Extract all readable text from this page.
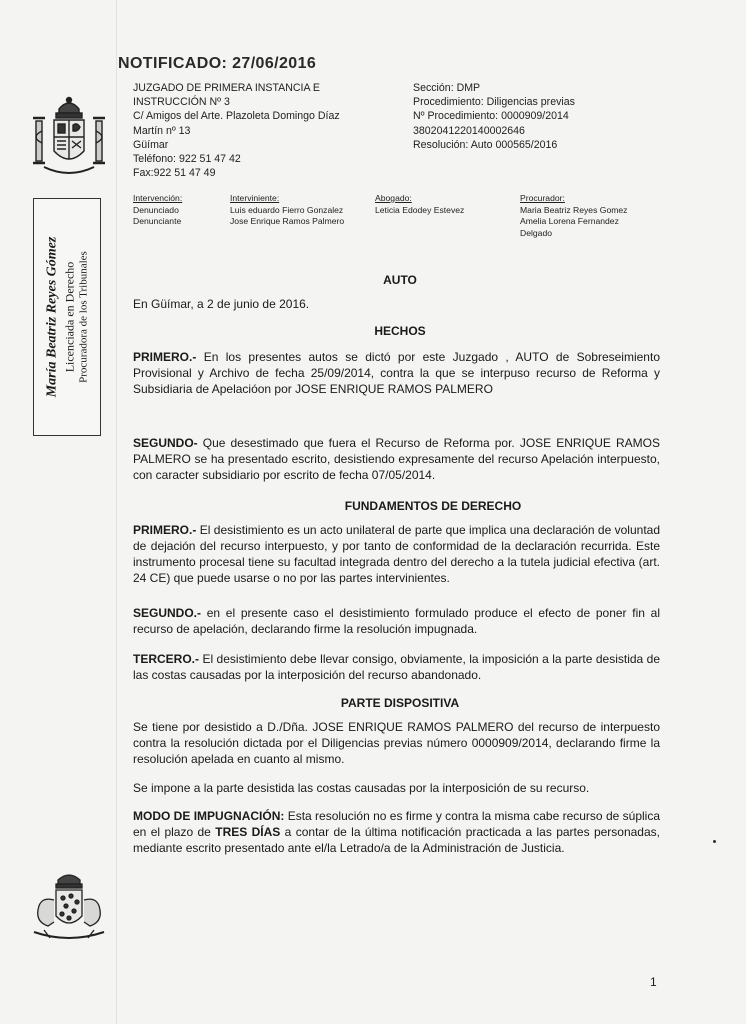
María Beatriz Reyes Gómez Licenciada en Derecho Procuradora de los Tribunales
NOTIFICADO: 27/06/2016
JUZGADO DE PRIMERA INSTANCIA E
INSTRUCCIÓN Nº 3
C/ Amigos del Arte. Plazoleta Domingo Díaz
Martín nº 13
Güímar
Teléfono: 922 51 47 42
Fax:922 51 47 49
Sección: DMP
Procedimiento: Diligencias previas
Nº Procedimiento: 0000909/2014
3802041220140002646
Resolución: Auto 000565/2016
Intervención:
Denunciado
Denunciante
Interviniente:
Luis eduardo Fierro Gonzalez
Jose Enrique Ramos Palmero
Abogado:
Leticia Edodey Estevez
Procurador:
Maria Beatriz Reyes Gomez
Amelia Lorena Fernandez
Delgado
AUTO
En Güímar, a 2 de junio de 2016.
HECHOS
PRIMERO.- En los presentes autos se dictó por este Juzgado , AUTO de Sobreseimiento Provisional y Archivo de fecha 25/09/2014, contra la que se interpuso recurso de Reforma y Subsidiaria de Apelacióon por JOSE ENRIQUE RAMOS PALMERO
SEGUNDO- Que desestimado que fuera el Recurso de Reforma por. JOSE ENRIQUE RAMOS PALMERO se ha presentado escrito, desistiendo expresamente del recurso Apelación interpuesto, con caracter subsidiario por escrito de fecha 07/05/2014.
FUNDAMENTOS DE DERECHO
PRIMERO.- El desistimiento es un acto unilateral de parte que implica una declaración de voluntad de dejación del recurso interpuesto, y por tanto de conformidad de la declaración recurrida. Este instrumento procesal tiene su facultad integrada dentro del derecho a la tutela judicial efectiva (art. 24 CE) que puede usarse o no por las partes intervinientes.
SEGUNDO.- en el presente caso el desistimiento formulado produce el efecto de poner fin al recurso de apelación, declarando firme la resolución impugnada.
TERCERO.- El desistimiento debe llevar consigo, obviamente, la imposición a la parte desistida de las costas causadas por la interposición del recurso abandonado.
PARTE DISPOSITIVA
Se tiene por desistido a D./Dña. JOSE ENRIQUE RAMOS PALMERO del recurso de interpuesto contra la resolución dictada por el Diligencias previas número 0000909/2014, declarando firme la resolución apelada en cuanto al mismo.
Se impone a la parte desistida las costas causadas por la interposición de su recurso.
MODO DE IMPUGNACIÓN: Esta resolución no es firme y contra la misma cabe recurso de súplica en el plazo de TRES DÍAS a contar de la última notificación practicada a las partes personadas, mediante escrito presentado ante el/la Letrado/a de la Administración de Justicia.
1
